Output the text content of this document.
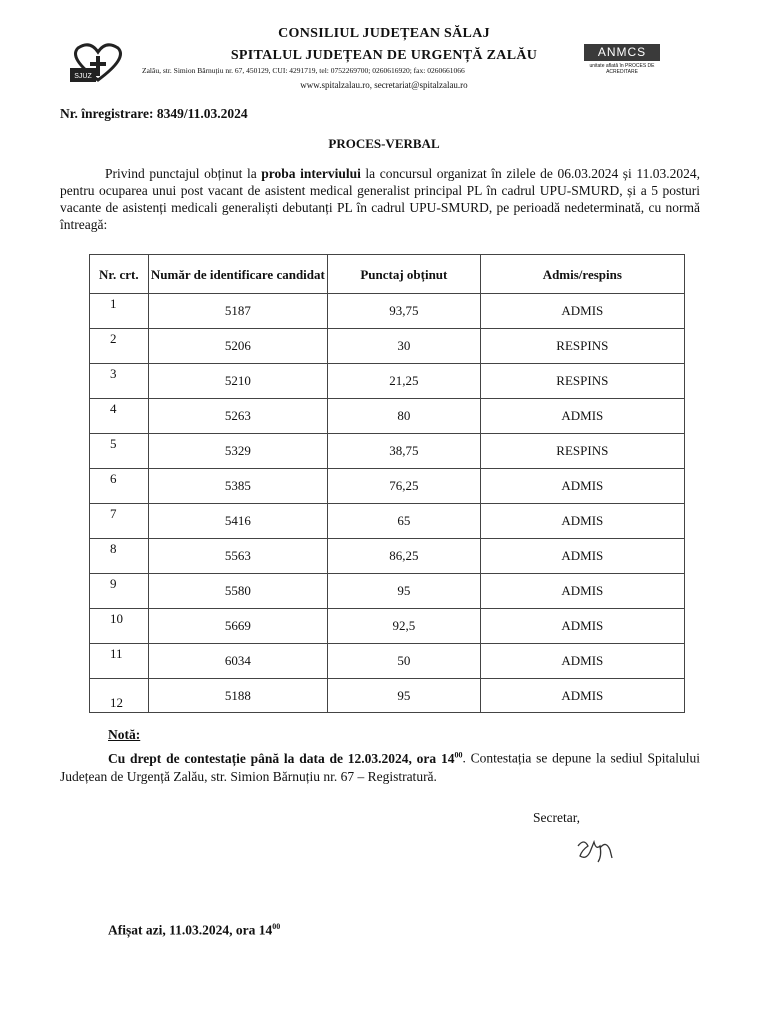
CONSILIUL JUDEȚEAN SĂLAJ
SPITALUL JUDEȚEAN DE URGENȚĂ ZALĂU
SJUZ
Zalău, str. Simion Bărnuțiu nr. 67, 450129, CUI: 4291719, tel: 0752269700; 0260616920; fax: 0260661066
ANMCS
unitate aflată în PROCES DE ACREDITARE
www.spitalzalau.ro, secretariat@spitalzalau.ro
Nr. înregistrare: 8349/11.03.2024
PROCES-VERBAL
Privind punctajul obținut la proba interviului la concursul organizat în zilele de 06.03.2024 și 11.03.2024, pentru ocuparea unui post vacant de asistent medical generalist principal PL în cadrul UPU-SMURD, și a 5 posturi vacante de asistenți medicali generaliști debutanți PL în cadrul UPU-SMURD, pe perioadă nedeterminată, cu normă întreagă:
Nr. crt.	Număr de identificare candidat	Punctaj obținut	Admis/respins
1	5187	93,75	ADMIS
2	5206	30	RESPINS
3	5210	21,25	RESPINS
4	5263	80	ADMIS
5	5329	38,75	RESPINS
6	5385	76,25	ADMIS
7	5416	65	ADMIS
8	5563	86,25	ADMIS
9	5580	95	ADMIS
10	5669	92,5	ADMIS
11	6034	50	ADMIS
12	5188	95	ADMIS
Notă:
Cu drept de contestație până la data de 12.03.2024, ora $14^{00}$. Contestația se depune la sediul Spitalului Județean de Urgență Zalău, str. Simion Bărnuțiu nr. 67 – Registratură.
Secretar,
Afișat azi, 11.03.2024, ora $14^{00}$
